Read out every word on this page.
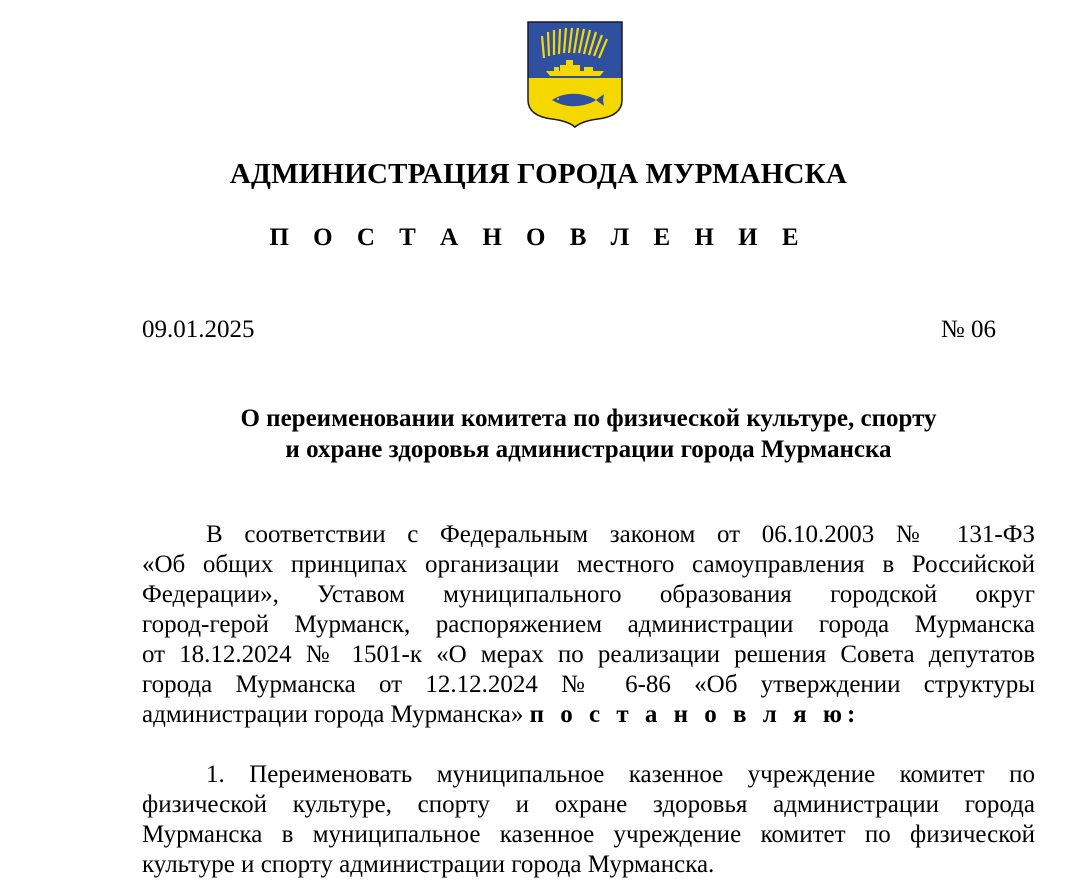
АДМИНИСТРАЦИЯ ГОРОДА МУРМАНСКА
П О С Т А Н О В Л Е Н И Е
09.01.2025	№ 06
О переименовании комитета по физической культуре, спорту
и охране здоровья администрации города Мурманска
В соответствии с Федеральным законом от 06.10.2003 № 131-ФЗ
«Об общих принципах организации местного самоуправления в Российской
Федерации», Уставом муниципального образования городской округ
город-герой Мурманск, распоряжением администрации города Мурманска
от 18.12.2024 № 1501-к «О мерах по реализации решения Совета депутатов
города Мурманска от 12.12.2024 № 6-86 «Об утверждении структуры
администрации города Мурманска» п о с т а н о в л я ю:
1. Переименовать муниципальное казенное учреждение комитет по
физической культуре, спорту и охране здоровья администрации города
Мурманска в муниципальное казенное учреждение комитет по физической
культуре и спорту администрации города Мурманска.
